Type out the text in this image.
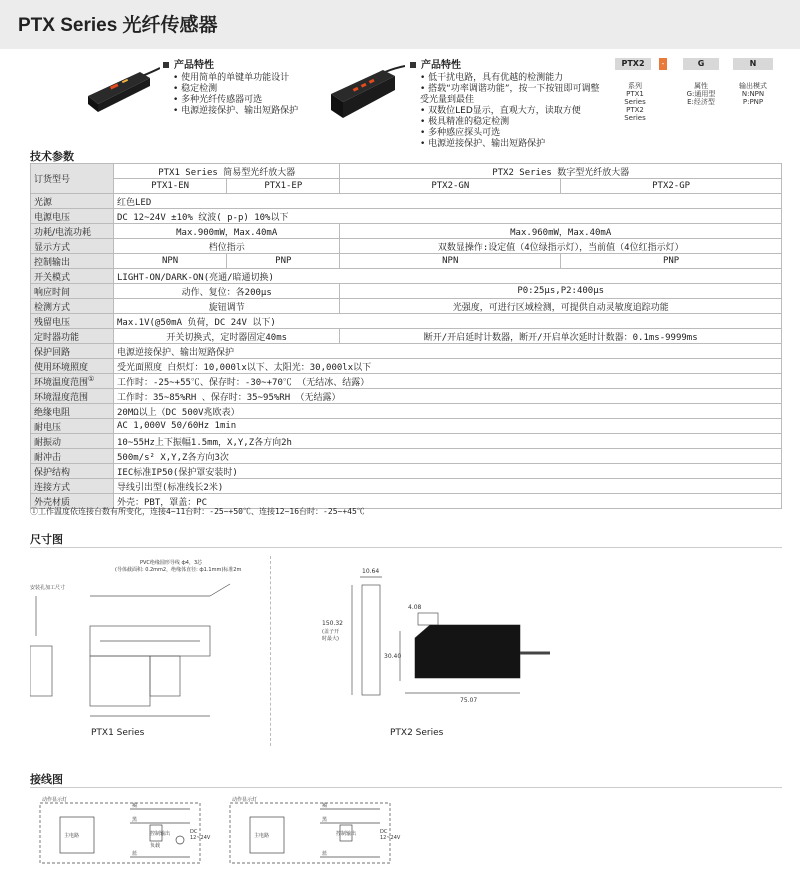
PTX Series 光纤传感器
产品特性
• 使用简单的单键单功能设计
• 稳定检测
• 多种光纤传感器可选
• 电源逆接保护、输出短路保护
产品特性
• 低干扰电路，具有优越的检测能力
• 搭载“功率调谐功能”，按一下按钮即可调整受光量到最佳
• 双数位LED显示，直观大方，读取方便
• 极具精准的稳定检测
• 多种感应探头可选
• 电源逆接保护、输出短路保护
PTX2	-	G	N
系列
PTX1 Series
PTX2 Series
属性
G:通用型
E:经济型
输出模式
N:NPN
P:PNP
技术参数
订货型号	PTX1 Series 简易型光纤放大器		PTX2 Series 数字型光纤放大器	
	PTX1-EN	PTX1-EP	PTX2-GN	PTX2-GP
光源	红色LED			
电源电压	DC 12~24V ±10% 纹波( p-p) 10%以下			
功耗/电流功耗	Max.900mW，Max.40mA		Max.960mW，Max.40mA	
显示方式	档位指示		双数显操作:设定值（4位绿指示灯），当前值（4位红指示灯）	
控制输出	NPN	PNP	NPN	PNP
开关模式	LIGHT-ON/DARK-ON(亮通/暗通切换)			
响应时间	动作、复位：各200μs		P0:25μs,P2:400μs	
检测方式	旋钮调节		光强度，可进行区域检测，可提供自动灵敏度追踪功能	
残留电压	Max.1V(@50mA 负荷，DC 24V 以下)			
定时器功能	开关切换式，定时器固定40ms		断开/开启延时计数器，断开/开启单次延时计数器：0.1ms-9999ms	
保护回路	电源逆接保护、输出短路保护			
使用环境照度	受光面照度 白炽灯：10,000lx以下、太阳光：30,000lx以下			
环境温度范围①	工作时：-25~+55℃、保存时：-30~+70℃ （无结冰、结露）			
环境湿度范围	工作时：35~85%RH 、保存时：35~95%RH （无结露）			
绝缘电阻	20MΩ以上（DC 500V兆欧表）			
耐电压	AC 1,000V 50/60Hz 1min			
耐振动	10~55Hz上下振幅1.5mm，X,Y,Z各方向2h			
耐冲击	500m/s² X,Y,Z各方向3次			
保护结构	IEC标准IP50(保护罩安装时)			
连接方式	导线引出型(标准线长2米)			
外壳材质	外壳：PBT，罩盖：PC			
①工作温度依连接台数有所变化，连接4~11台时：-25~+50℃、连接12~16台时：-25~+45℃
尺寸图
PVC绝缘圆形导线 ф4，3芯
(导体截面积: 0.2mm2，绝缘体直径: ф1.1mm)标准2m
安装孔加工尺寸
PTX1 Series
10.64
4.08
150.32
(盖子开
时最大)
30.40
75.07
PTX2 Series
接线图
动作显示灯
主电路
褐
黑
蓝
负载
控制输出	DC
12~24V
动作显示灯
主电路
褐
黑
蓝
控制输出	DC
12~24V
